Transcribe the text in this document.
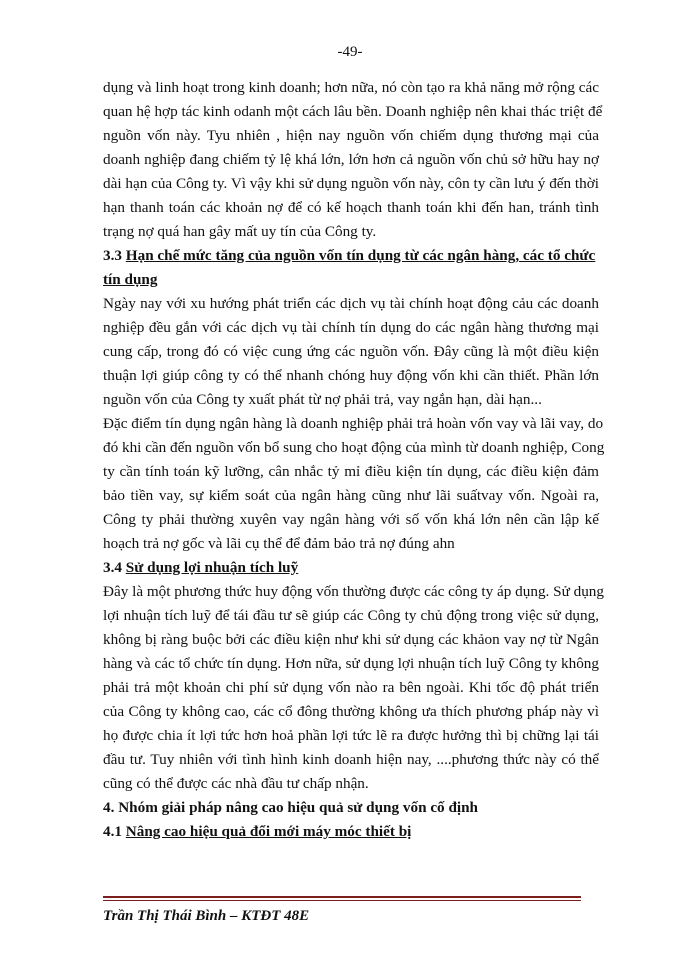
-49-
dụng và linh hoạt trong kinh doanh; hơn nữa, nó còn tạo ra khả năng mở rộng các
quan hệ hợp tác kinh odanh một cách lâu bền. Doanh nghiệp nên khai thác triệt để
nguồn vốn này. Tyu nhiên , hiện nay nguồn vốn chiếm dụng thương mại của
doanh nghiệp đang chiếm tỷ lệ khá lớn, lớn hơn cả nguồn vốn chủ sở hữu hay nợ
dài hạn của Công ty. Vì vậy khi sử dụng nguồn vốn này, côn ty cần lưu ý đến thời
hạn thanh toán các khoản nợ để có kế hoạch thanh toán khi đến han, tránh tình
trạng nợ quá han gây mất uy tín của Công ty.
3.3 Hạn chế mức tăng của nguồn vốn tín dụng từ các ngân hàng, các tổ chức
tín dụng
Ngày nay với xu hướng phát triển các dịch vụ tài chính hoạt động cảu các doanh
nghiệp đều gắn với các dịch vụ tài chính tín dụng do các ngân hàng thương mại
cung cấp, trong đó có việc cung ứng các nguồn vốn. Đây cũng là một điều kiện
thuận lợi giúp công ty có thể nhanh chóng huy động vốn khi cần thiết. Phần lớn
nguồn vốn của Công ty xuất phát từ nợ phải trả, vay ngắn hạn, dài hạn...
Đặc điểm tín dụng ngân hàng là doanh nghiệp phải trả hoàn vốn vay và lãi vay, do
đó khi cần đến nguồn vốn bổ sung cho hoạt động của mình từ doanh nghiệp, Cong
ty cần tính toán kỹ lưỡng, cân nhắc tỷ mỉ điều kiện tín dụng, các điều kiện đảm
bảo tiền vay, sự kiểm soát của ngân hàng cũng như lãi suấtvay vốn. Ngoài ra,
Công ty phải thường xuyên vay ngân hàng với số vốn khá lớn nên cần lập kế
hoạch trả nợ gốc và lãi cụ thể để đảm bảo trả nợ đúng ahn
3.4 Sử dụng lợi nhuận tích luỹ
Đây là một phương thức huy động vốn thường được các công ty áp dụng. Sử dụng
lợi nhuận tích luỹ để tái đầu tư sẽ giúp các Công ty chủ động trong việc sử dụng,
không bị ràng buộc bởi các điều kiện như khi sử dụng các khảon vay nợ từ Ngân
hàng và các tổ chức tín dụng. Hơn nữa, sử dụng lợi nhuận tích luỹ Công ty không
phải trả một khoản chi phí sử dụng vốn nào ra bên ngoài. Khi tốc độ phát triển
của Công ty không cao, các cổ đông thường không ưa thích phương pháp này vì
họ được chia ít lợi tức hơn hoả phần lợi tức lẽ ra được hưởng thì bị chững lại tái
đầu tư. Tuy nhiên với tình hình kinh doanh hiện nay, ....phương thức này có thể
cũng có thể được các nhà đầu tư chấp nhận.
4. Nhóm giải pháp nâng cao hiệu quả sử dụng vốn cố định
4.1 Nâng cao hiệu quả đổi mới máy móc thiết bị
Trần Thị Thái Bình – KTĐT 48E
